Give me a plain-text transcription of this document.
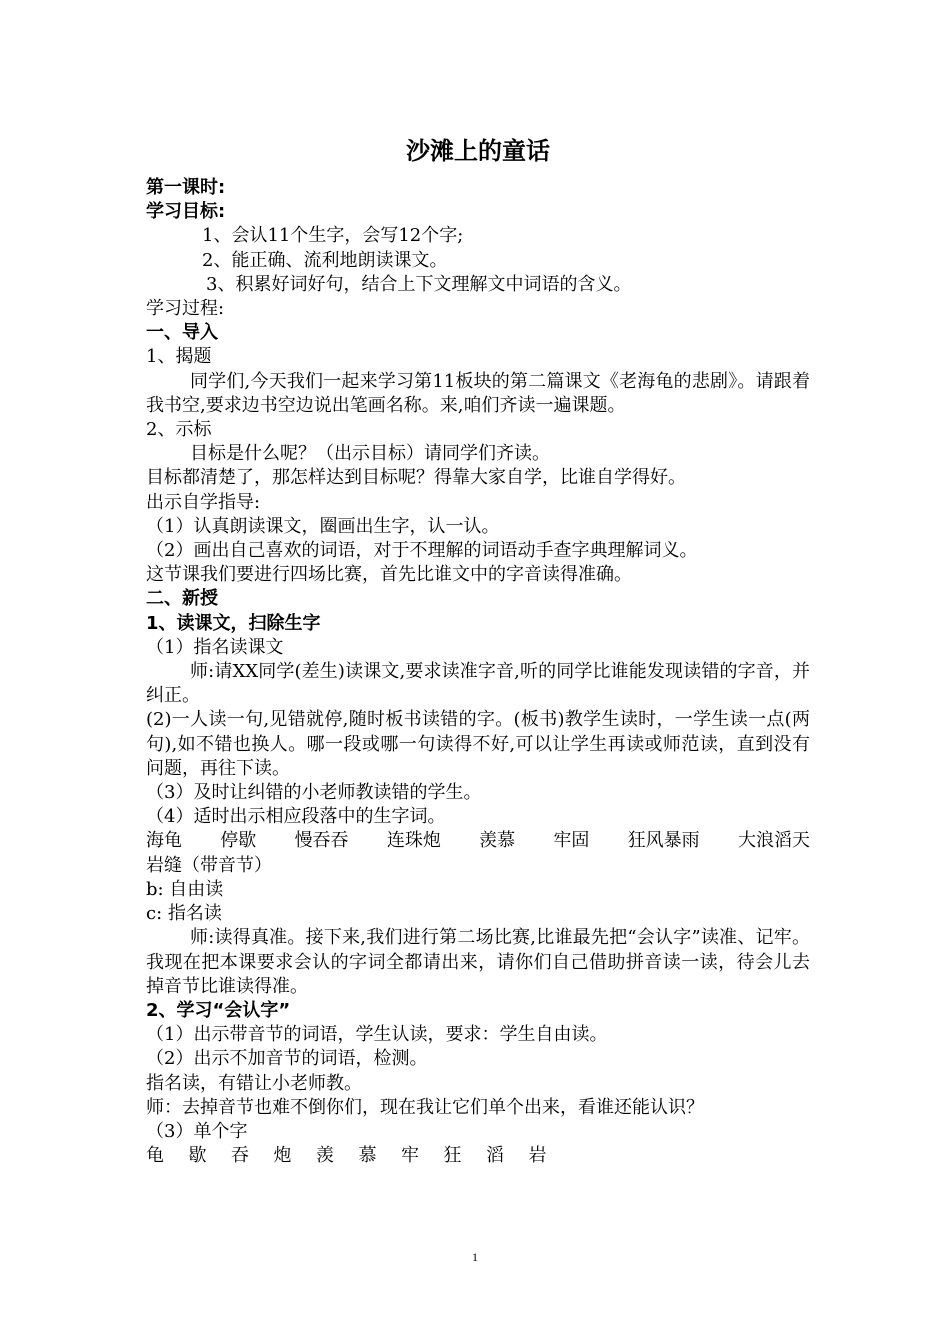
沙滩上的童话
第一课时:
学习目标:
1、会认11个生字，会写12个字;
2、能正确、流利地朗读课文。
3、积累好词好句，结合上下文理解文中词语的含义。
学习过程:
一、导入
1、揭题
同学们,今天我们一起来学习第11板块的第二篇课文《老海龟的悲剧》。请跟着我书空,要求边书空边说出笔画名称。来,咱们齐读一遍课题。
2、示标
目标是什么呢？（出示目标）请同学们齐读。
目标都清楚了，那怎样达到目标呢？得靠大家自学，比谁自学得好。
出示自学指导:
（1）认真朗读课文，圈画出生字，认一认。
（2）画出自己喜欢的词语，对于不理解的词语动手查字典理解词义。
这节课我们要进行四场比赛，首先比谁文中的字音读得准确。
二、新授
1、读课文，扫除生字
（1）指名读课文
师:请XX同学(差生)读课文,要求读准字音,听的同学比谁能发现读错的字音，并纠正。
(2)一人读一句,见错就停,随时板书读错的字。(板书)教学生读时，一学生读一点(两句),如不错也换人。哪一段或哪一句读得不好,可以让学生再读或师范读，直到没有问题，再往下读。
（3）及时让纠错的小老师教读错的学生。
（4）适时出示相应段落中的生字词。
海龟 停歇 慢吞吞 连珠炮 羡慕 牢固 狂风暴雨 大浪滔天
岩缝（带音节）
b: 自由读
c: 指名读
师:读得真准。接下来,我们进行第二场比赛,比谁最先把“会认字”读准、记牢。我现在把本课要求会认的字词全都请出来，请你们自己借助拼音读一读，待会儿去掉音节比谁读得准。
2、学习“会认字”
（1）出示带音节的词语，学生认读，要求：学生自由读。
（2）出示不加音节的词语，检测。
指名读，有错让小老师教。
师：去掉音节也难不倒你们，现在我让它们单个出来，看谁还能认识？
（3）单个字
龟	歇	吞	炮	羡	慕	牢	狂	滔	岩
1
